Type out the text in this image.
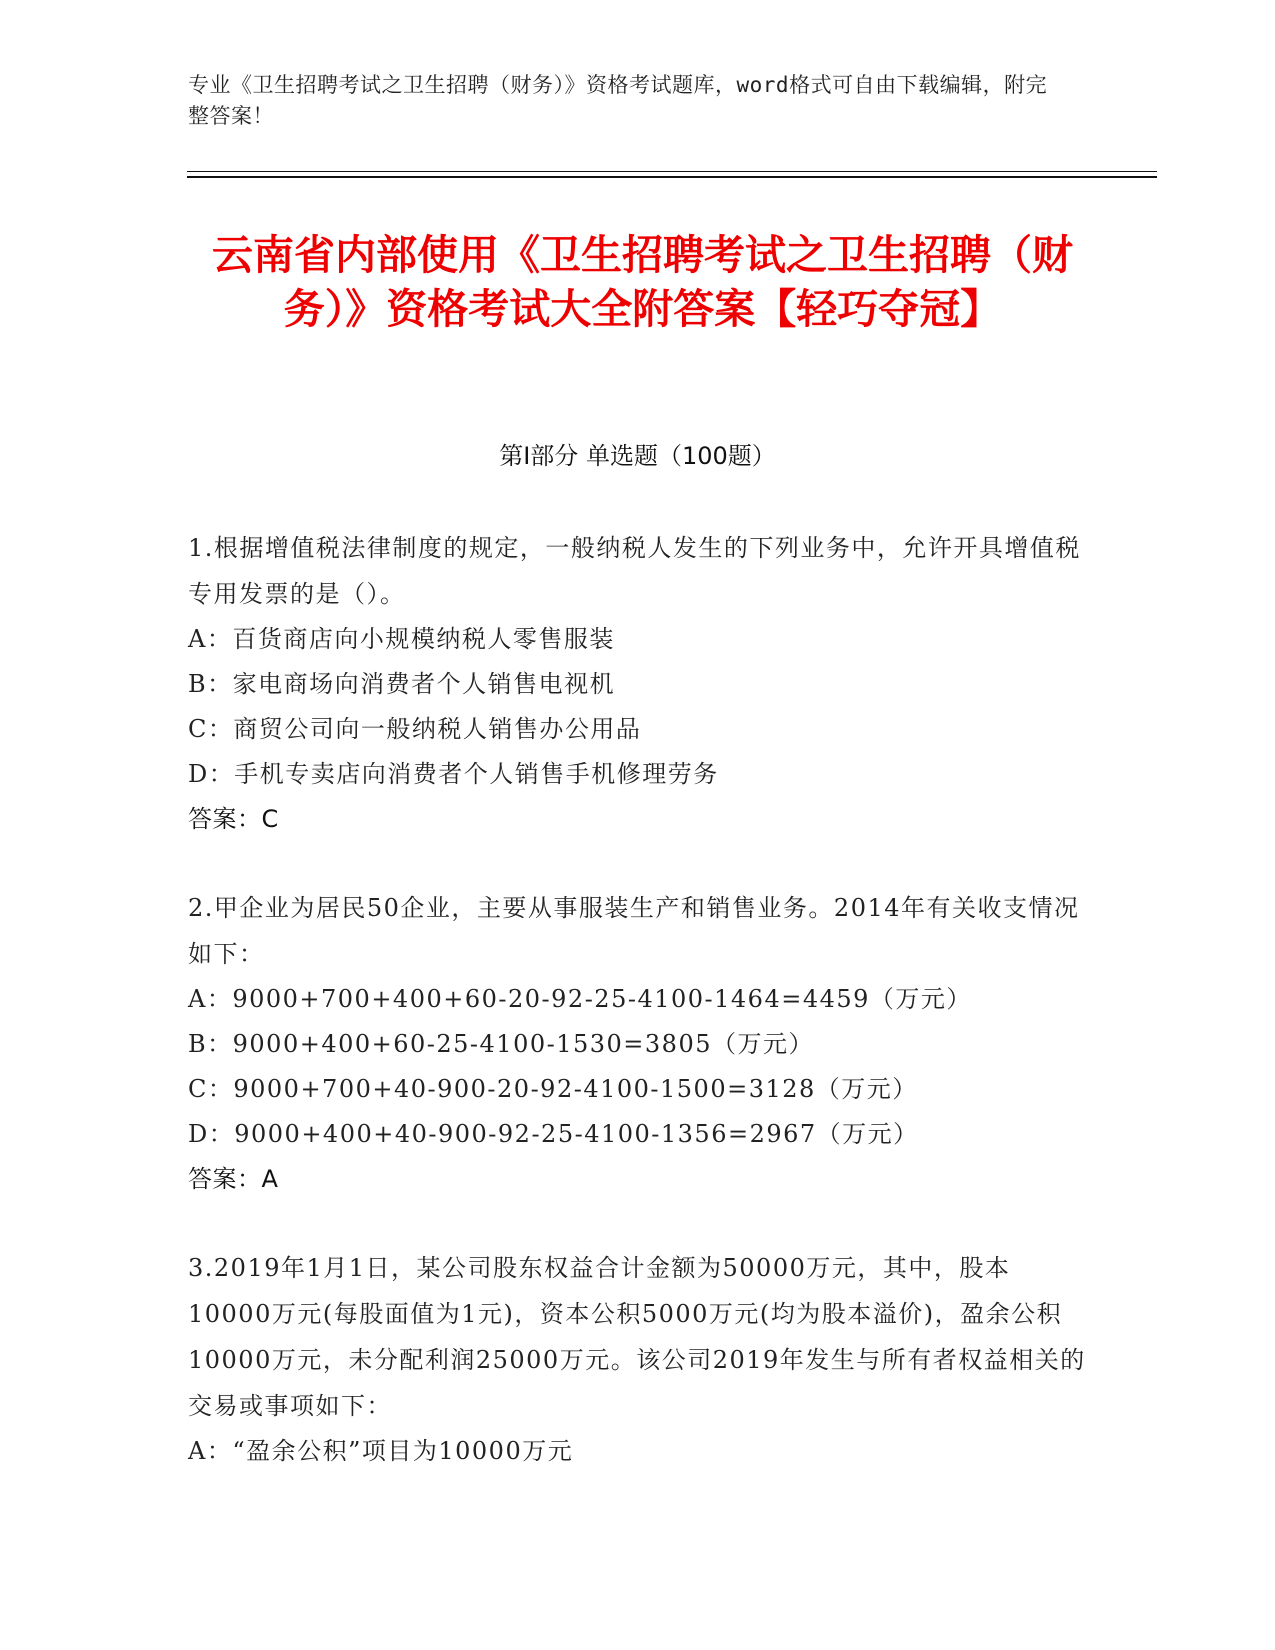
专业《卫生招聘考试之卫生招聘（财务）》资格考试题库，word格式可自由下载编辑，附完整答案！
云南省内部使用《卫生招聘考试之卫生招聘（财务）》资格考试大全附答案【轻巧夺冠】
第Ⅰ部分 单选题（100题）

1.根据增值税法律制度的规定，一般纳税人发生的下列业务中，允许开具增值税专用发票的是（）。

A：百货商店向小规模纳税人零售服装

B：家电商场向消费者个人销售电视机

C：商贸公司向一般纳税人销售办公用品

D：手机专卖店向消费者个人销售手机修理劳务

答案：C

2.甲企业为居民50企业，主要从事服装生产和销售业务。2014年有关收支情况如下：

A：9000+700+400+60-20-92-25-4100-1464=4459（万元）

B：9000+400+60-25-4100-1530=3805（万元）

C：9000+700+40-900-20-92-4100-1500=3128（万元）

D：9000+400+40-900-92-25-4100-1356=2967（万元）

答案：A

3.2019年1月1日，某公司股东权益合计金额为50000万元，其中，股本10000万元(每股面值为1元)，资本公积5000万元(均为股本溢价)，盈余公积10000万元，未分配利润25000万元。该公司2019年发生与所有者权益相关的交易或事项如下：

A：“盈余公积”项目为10000万元
